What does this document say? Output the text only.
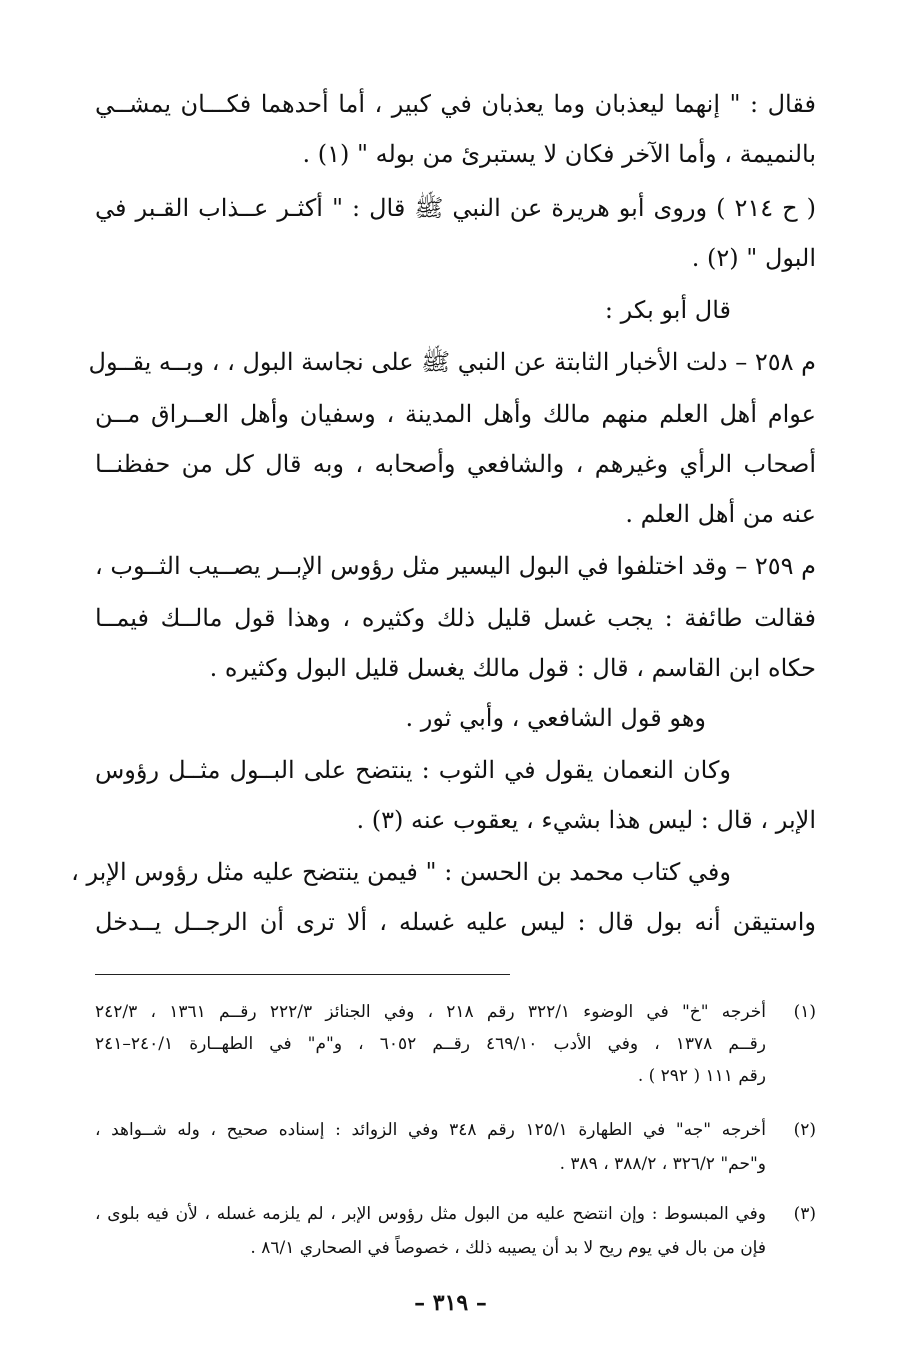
فقال : " إنهما ليعذبان وما يعذبان في كبير ، أما أحدهما فكـــان يمشــي
بالنميمة ، وأما الآخر فكان لا يستبرئ من بوله " (١) .
( ح ٢١٤ ) وروى أبو هريرة عن النبي ﷺ قال : " أكثـر عــذاب القـبر في
البول " (٢) .
قال أبو بكر :
م ٢٥٨ – دلت الأخبار الثابتة عن النبي ﷺ على نجاسة البول ، ، وبــه يقــول
عوام أهل العلم منهم مالك وأهل المدينة ، وسفيان وأهل العــراق مــن
أصحاب الرأي وغيرهم ، والشافعي وأصحابه ، وبه قال كل من حفظنــا
عنه من أهل العلم .
م ٢٥٩ – وقد اختلفوا في البول اليسير مثل رؤوس الإبــر يصــيب الثــوب ،
فقالت طائفة : يجب غسل قليل ذلك وكثيره ، وهذا قول مالــك فيمــا
حكاه ابن القاسم ، قال : قول مالك يغسل قليل البول وكثيره .
وهو قول الشافعي ، وأبي ثور .
وكان النعمان يقول في الثوب : ينتضح على البــول مثــل رؤوس
الإبر ، قال : ليس هذا بشيء ، يعقوب عنه (٣) .
وفي كتاب محمد بن الحسن : " فيمن ينتضح عليه مثل رؤوس الإبر ،
واستيقن أنه بول قال : ليس عليه غسله ، ألا ترى أن الرجــل يــدخل
(١)
أخرجه "خ" في الوضوء ٣٢٢/١ رقم ٢١٨ ، وفي الجنائز ٢٢٢/٣ رقــم ١٣٦١ ، ٢٤٢/٣
رقــم ١٣٧٨ ، وفي الأدب ٤٦٩/١٠ رقــم ٦٠٥٢ ، و"م" في الطهــارة ٢٤٠/١–٢٤١
رقم ١١١ ( ٢٩٢ ) .
(٢)
أخرجه "جه" في الطهارة ١٢٥/١ رقم ٣٤٨ وفي الزوائد : إسناده صحيح ، وله شــواهد ،
و"حم" ٣٢٦/٢ ، ٣٨٨/٢ ، ٣٨٩ .
(٣)
وفي المبسوط : وإن انتضح عليه من البول مثل رؤوس الإبر ، لم يلزمه غسله ، لأن فيه بلوى ،
فإن من بال في يوم ريح لا بد أن يصيبه ذلك ، خصوصاً في الصحاري ٨٦/١ .
– ٣١٩ –
